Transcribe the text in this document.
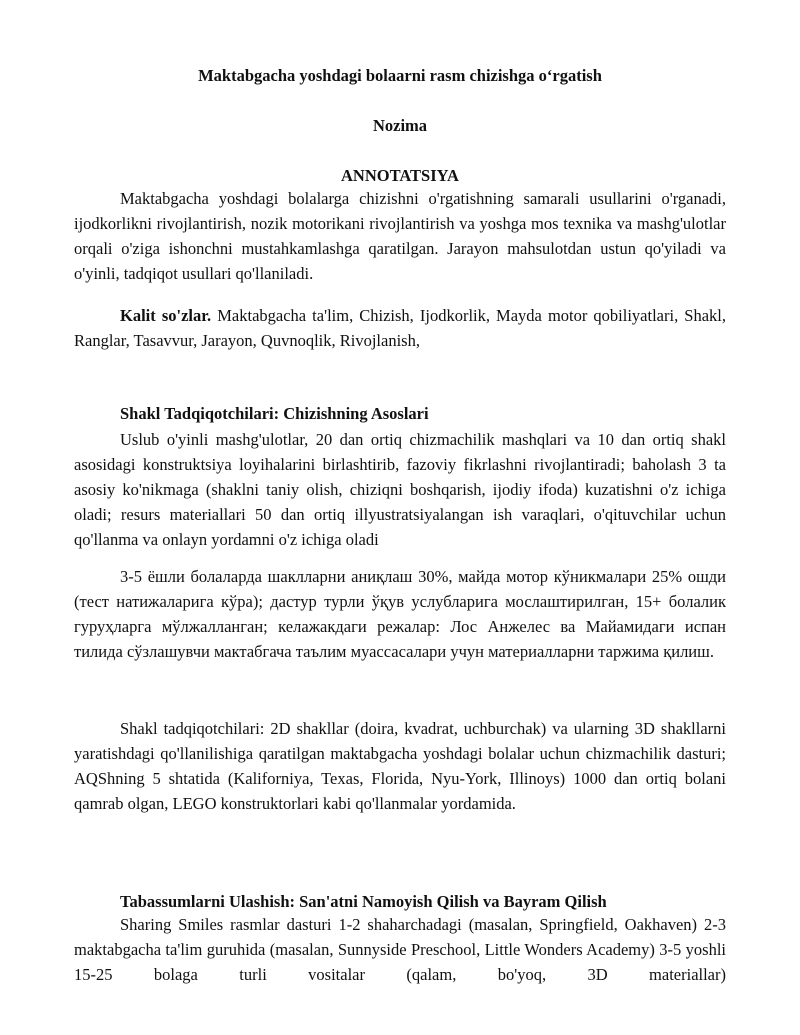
Maktabgacha yoshdagi bolaarni rasm chizishga o‘rgatish
Nozima
ANNOTATSIYA
Maktabgacha yoshdagi bolalarga chizishni o'rgatishning samarali usullarini o'rganadi, ijodkorlikni rivojlantirish, nozik motorikani rivojlantirish va yoshga mos texnika va mashg'ulotlar orqali o'ziga ishonchni mustahkamlashga qaratilgan. Jarayon mahsulotdan ustun qo'yiladi va o'yinli, tadqiqot usullari qo'llaniladi.
Kalit so'zlar. Maktabgacha ta'lim, Chizish, Ijodkorlik, Mayda motor qobiliyatlari, Shakl, Ranglar, Tasavvur, Jarayon, Quvnoqlik, Rivojlanish,
Shakl Tadqiqotchilari: Chizishning Asoslari
Uslub o'yinli mashg'ulotlar, 20 dan ortiq chizmachilik mashqlari va 10 dan ortiq shakl asosidagi konstruktsiya loyihalarini birlashtirib, fazoviy fikrlashni rivojlantiradi; baholash 3 ta asosiy ko'nikmaga (shaklni taniy olish, chiziqni boshqarish, ijodiy ifoda) kuzatishni o'z ichiga oladi; resurs materiallari 50 dan ortiq illyustratsiyalangan ish varaqlari, o'qituvchilar uchun qo'llanma va onlayn yordamni o'z ichiga oladi
3-5 ёшли болаларда шаклларни аниқлаш 30%, майда мотор кўникмалари 25% ошди (тест натижаларига кўра); дастур турли ўқув услубларига мослаштирилган, 15+ болалик гуруҳларга мўлжалланган; келажакдаги режалар: Лос Анжелес ва Майамидаги испан тилида сўзлашувчи мактабгача таълим муассасалари учун материалларни таржима қилиш.
Shakl tadqiqotchilari: 2D shakllar (doira, kvadrat, uchburchak) va ularning 3D shakllarni yaratishdagi qo'llanilishiga qaratilgan maktabgacha yoshdagi bolalar uchun chizmachilik dasturi; AQShning 5 shtatida (Kaliforniya, Texas, Florida, Nyu-York, Illinoys) 1000 dan ortiq bolani qamrab olgan, LEGO konstruktorlari kabi qo'llanmalar yordamida.
Tabassumlarni Ulashish: San'atni Namoyish Qilish va Bayram Qilish
Sharing Smiles rasmlar dasturi 1-2 shaharchadagi (masalan, Springfield, Oakhaven) 2-3 maktabgacha ta'lim guruhida (masalan, Sunnyside Preschool, Little Wonders Academy) 3-5 yoshli 15-25 bolaga turli vositalar (qalam, bo'yoq, 3D materiallar)
